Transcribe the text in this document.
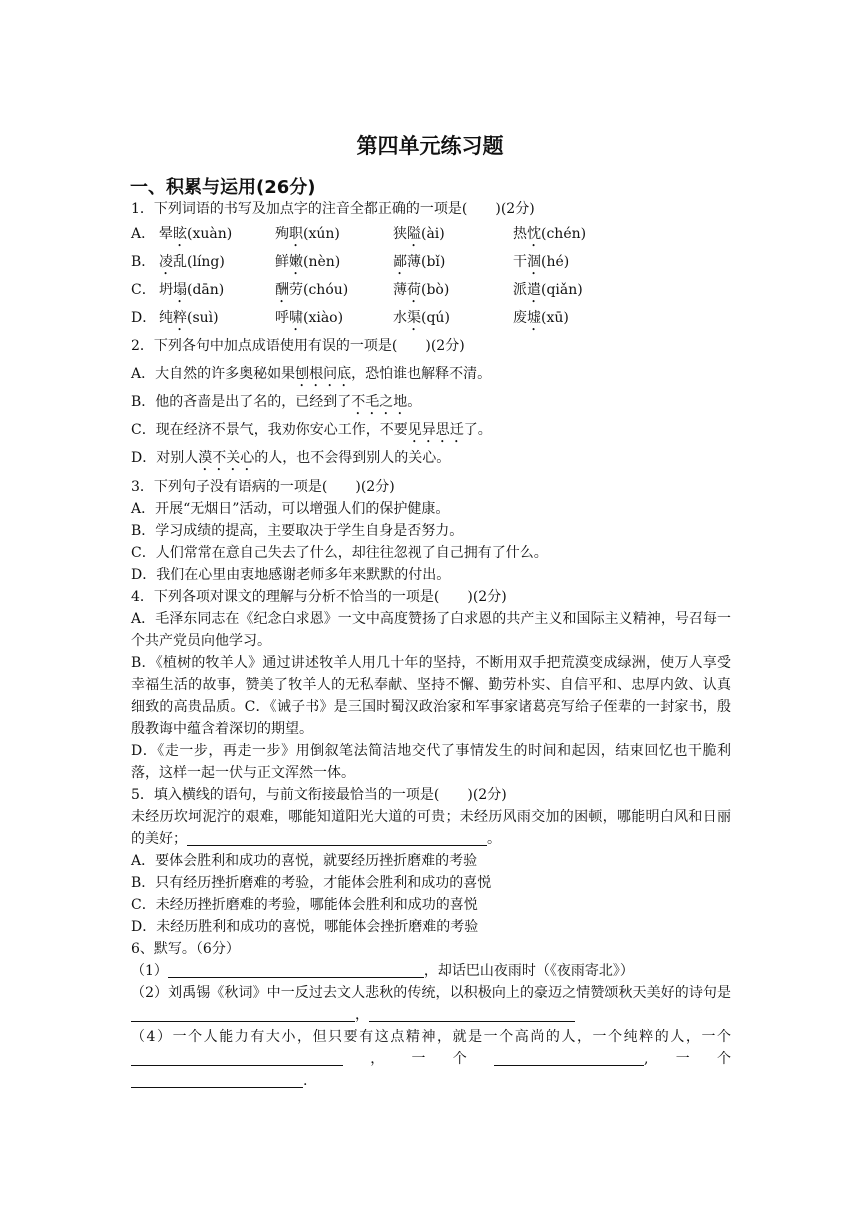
第四单元练习题
一、积累与运用(26分)
1．下列词语的书写及加点字的注音全都正确的一项是(　　)(2分)
A． 晕眩(xuàn)	殉职(xún)	狭隘(ài)	热忱(chén)
B． 凌乱(líng)	鲜嫩(nèn)	鄙薄(bǐ)	干涸(hé)
C． 坍塌(dān)	酬劳(chóu)	薄荷(bò)	派遣(qiǎn)
D． 纯粹(suì)	呼啸(xiào)	水渠(qú)	废墟(xū)
2．下列各句中加点成语使用有误的一项是(　　)(2分)
A．大自然的许多奥秘如果刨根问底，恐怕谁也解释不清。
B．他的吝啬是出了名的，已经到了不毛之地。
C．现在经济不景气，我劝你安心工作，不要见异思迁了。
D．对别人漠不关心的人，也不会得到别人的关心。
3．下列句子没有语病的一项是(　　)(2分)
A．开展“无烟日”活动，可以增强人们的保护健康。
B．学习成绩的提高，主要取决于学生自身是否努力。
C．人们常常在意自己失去了什么，却往往忽视了自己拥有了什么。
D．我们在心里由衷地感谢老师多年来默默的付出。
4．下列各项对课文的理解与分析不恰当的一项是(　　)(2分)
A．毛泽东同志在《纪念白求恩》一文中高度赞扬了白求恩的共产主义和国际主义精神，号召每一个共产党员向他学习。
B．《植树的牧羊人》通过讲述牧羊人用几十年的坚持，不断用双手把荒漠变成绿洲，使万人享受幸福生活的故事，赞美了牧羊人的无私奉献、坚持不懈、勤劳朴实、自信平和、忠厚内敛、认真细致的高贵品质。C．《诫子书》是三国时蜀汉政治家和军事家诸葛亮写给子侄辈的一封家书，殷殷教诲中蕴含着深切的期望。
D．《走一步，再走一步》用倒叙笔法简洁地交代了事情发生的时间和起因，结束回忆也干脆利落，这样一起一伏与正文浑然一体。
5．填入横线的语句，与前文衔接最恰当的一项是(　　)(2分)
未经历坎坷泥泞的艰难，哪能知道阳光大道的可贵；未经历风雨交加的困顿，哪能明白风和日丽的美好；	。
A．要体会胜利和成功的喜悦，就要经历挫折磨难的考验
B．只有经历挫折磨难的考验，才能体会胜利和成功的喜悦
C．未经历挫折磨难的考验，哪能体会胜利和成功的喜悦
D．未经历胜利和成功的喜悦，哪能体会挫折磨难的考验
6、默写。（6分）
（1）	，却话巴山夜雨时（《夜雨寄北》）
（2）刘禹锡《秋词》中一反过去文人悲秋的传统，以积极向上的豪迈之情赞颂秋天美好的诗句是，
（4）一个人能力有大小，但只要有这点精神，就是一个高尚的人，一个纯粹的人，一个，一个	,一个.
